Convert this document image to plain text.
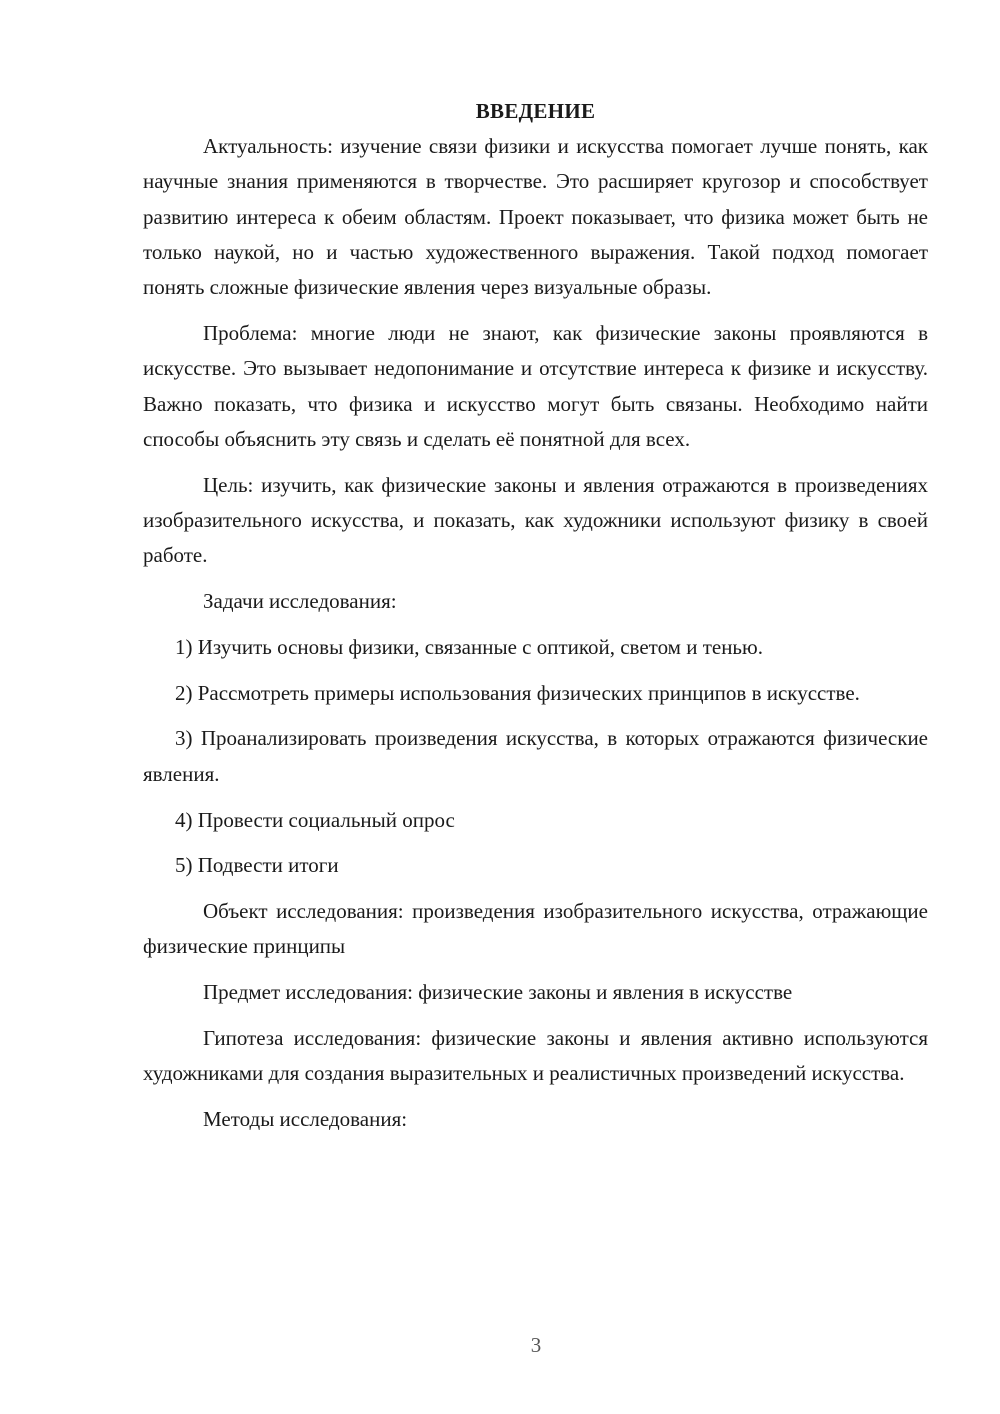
ВВЕДЕНИЕ

Актуальность: изучение связи физики и искусства помогает лучше понять, как научные знания применяются в творчестве. Это расширяет кругозор и способствует развитию интереса к обеим областям. Проект показывает, что физика может быть не только наукой, но и частью художественного выражения. Такой подход помогает понять сложные физические явления через визуальные образы.

Проблема: многие люди не знают, как физические законы проявляются в искусстве. Это вызывает недопонимание и отсутствие интереса к физике и искусству. Важно показать, что физика и искусство могут быть связаны. Необходимо найти способы объяснить эту связь и сделать её понятной для всех.

Цель: изучить, как физические законы и явления отражаются в произведениях изобразительного искусства, и показать, как художники используют физику в своей работе.

Задачи исследования:

1) Изучить основы физики, связанные с оптикой, светом и тенью.

2) Рассмотреть примеры использования физических принципов в искусстве.

3) Проанализировать произведения искусства, в которых отражаются физические явления.

4) Провести социальный опрос

5) Подвести итоги

Объект исследования: произведения изобразительного искусства, отражающие физические принципы

Предмет исследования: физические законы и явления в искусстве

Гипотеза исследования: физические законы и явления активно используются художниками для создания выразительных и реалистичных произведений искусства.

Методы исследования:

3
